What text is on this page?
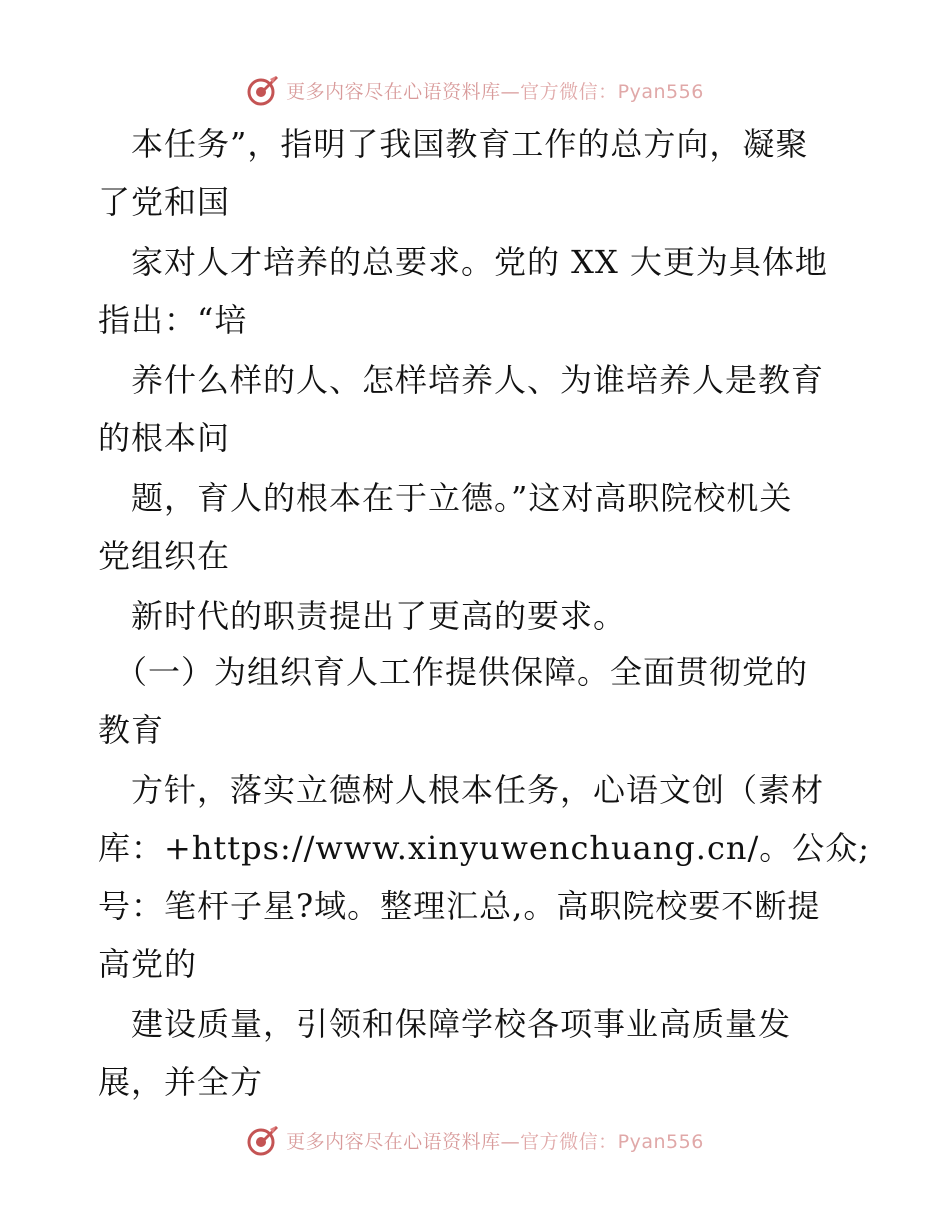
更多内容尽在心语资料库—官方微信：Pyan556
　本任务”，指明了我国教育工作的总方向，凝聚
了党和国
　家对人才培养的总要求。党的 XX 大更为具体地
指出：“培
　养什么样的人、怎样培养人、为谁培养人是教育
的根本问
　题，育人的根本在于立德。”这对高职院校机关
党组织在
　新时代的职责提出了更高的要求。
　（一）为组织育人工作提供保障。全面贯彻党的
教育
　方针，落实立德树人根本任务，心语文创（素材
库：+https://www.xinyuwenchuang.cn/。公众;
号：笔杆子星?域。整理汇总,。高职院校要不断提
高党的
　建设质量，引领和保障学校各项事业高质量发
展，并全方
更多内容尽在心语资料库—官方微信：Pyan556
